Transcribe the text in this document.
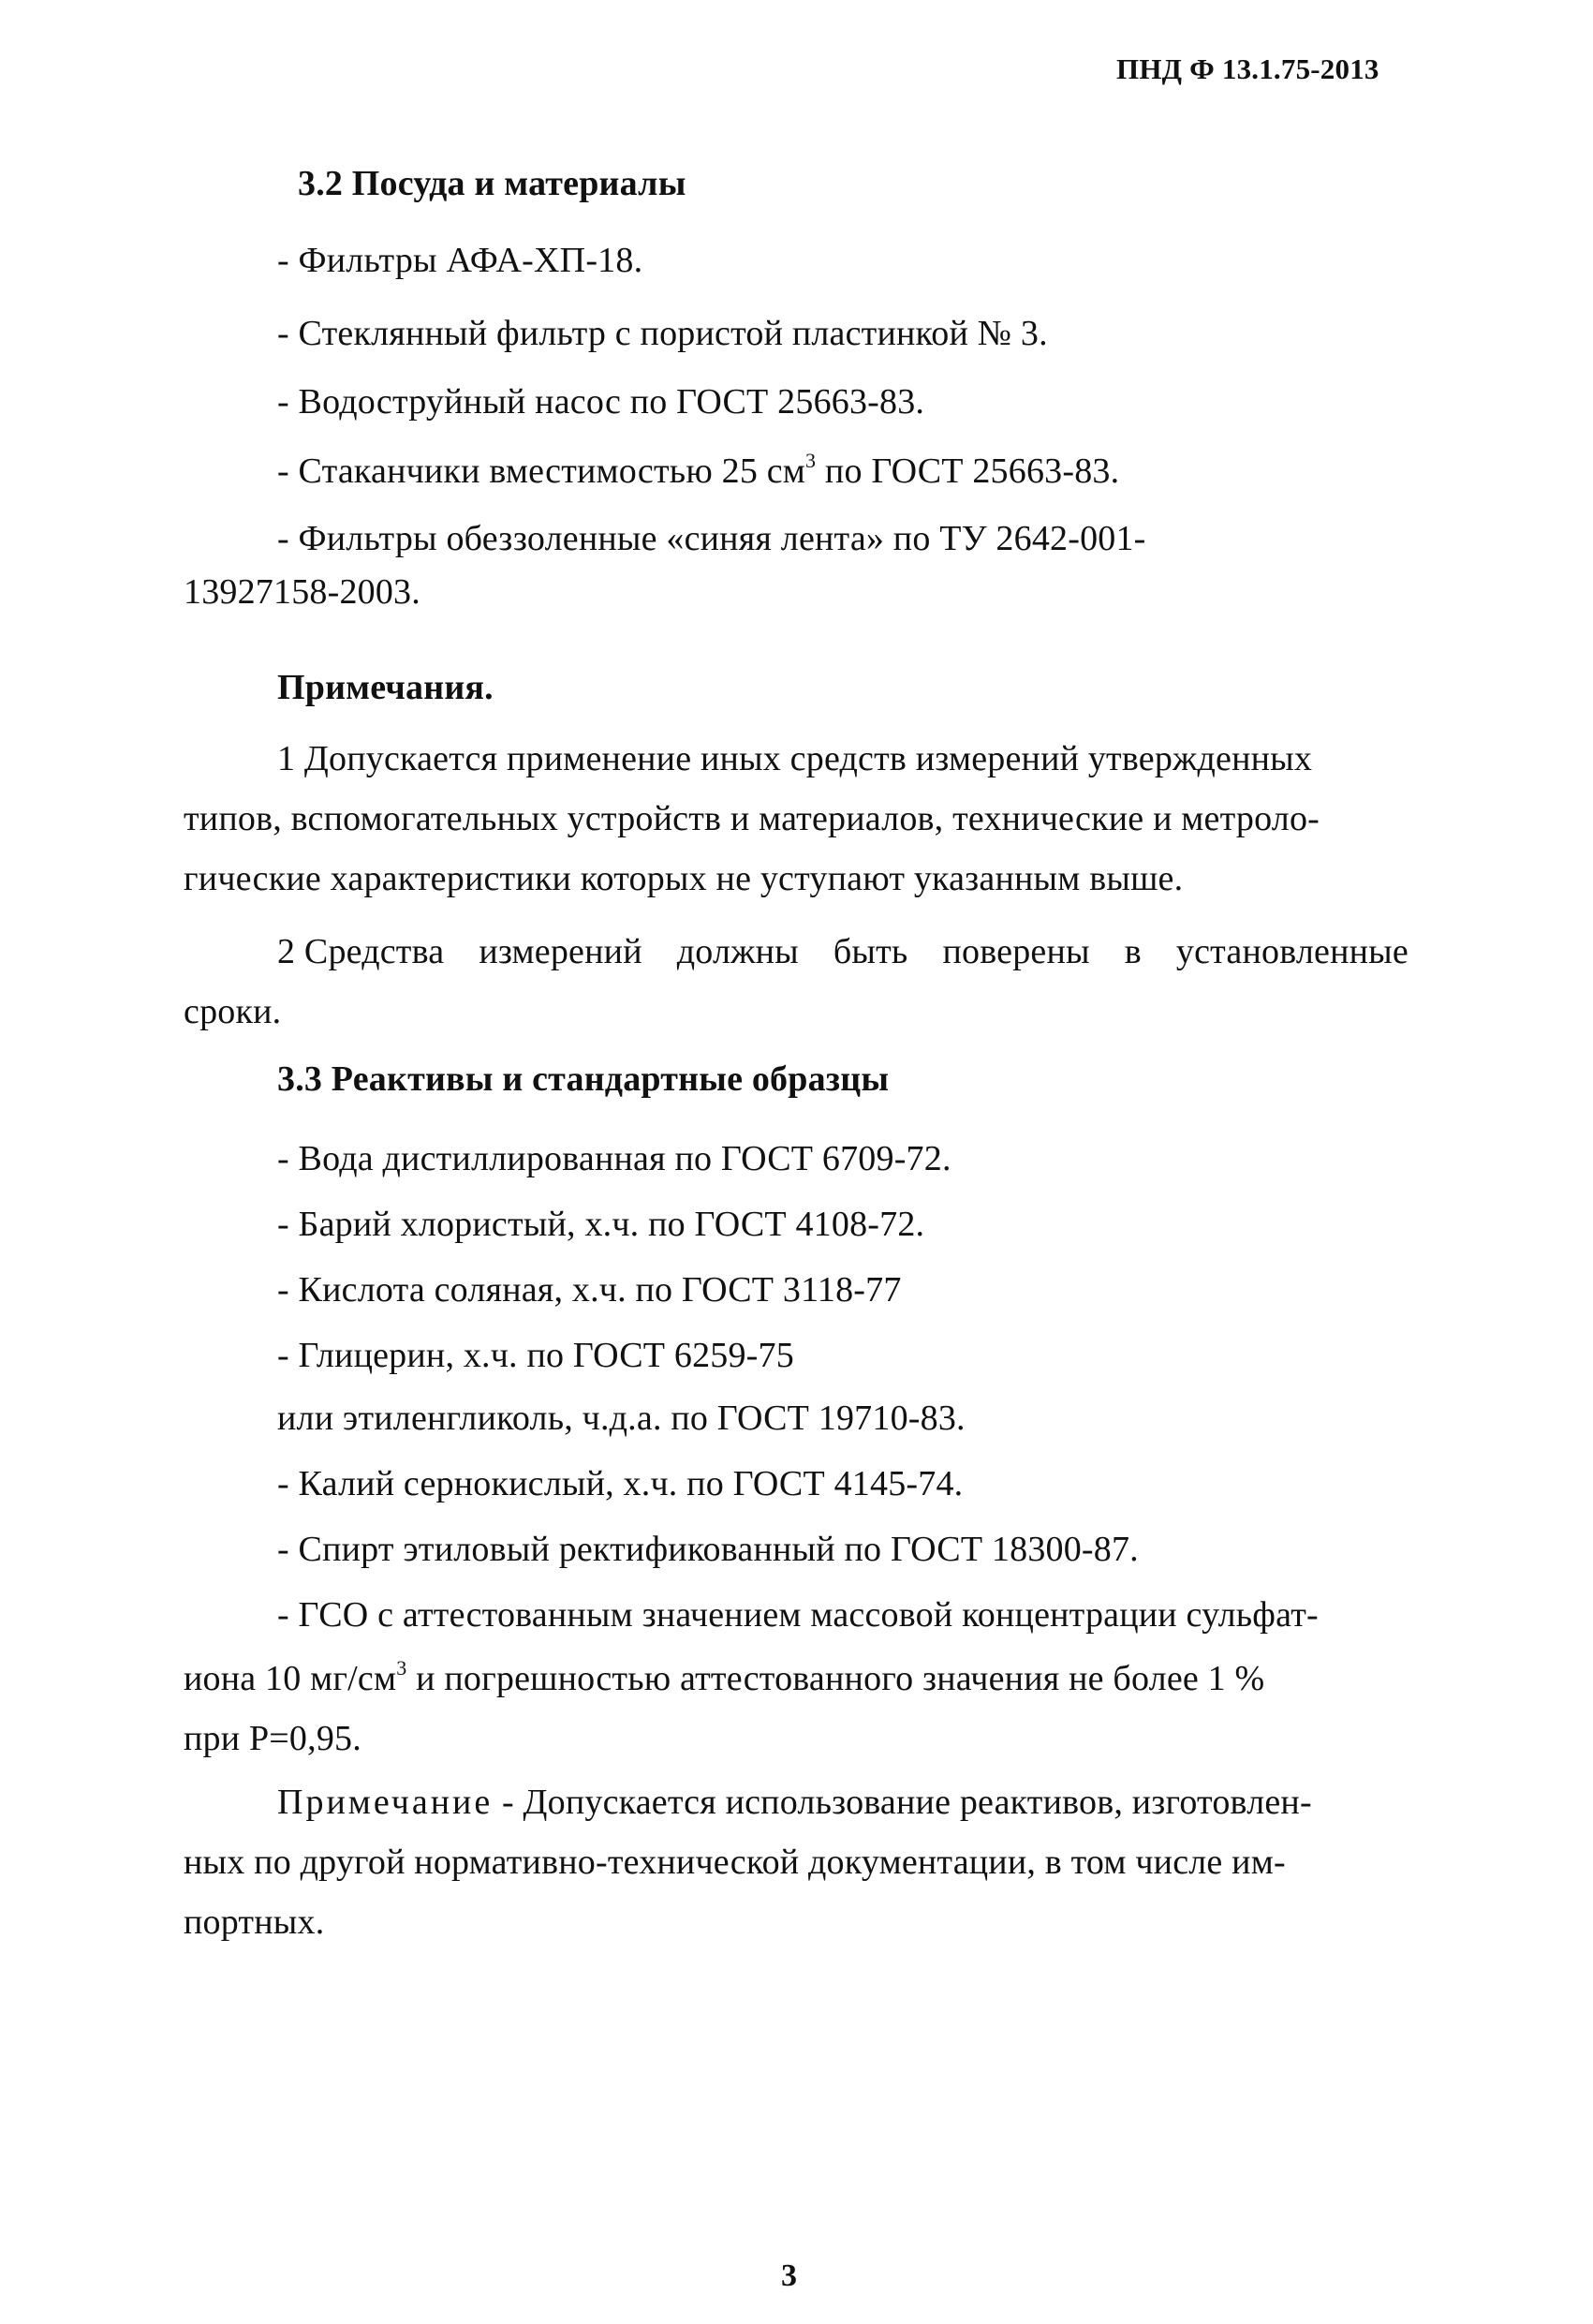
ПНД Ф 13.1.75-2013
3.2 Посуда и материалы
- Фильтры АФА-ХП-18.
- Стеклянный фильтр с пористой пластинкой № 3.
- Водоструйный насос по ГОСТ 25663-83.
- Стаканчики вместимостью 25 $см^3$ по ГОСТ 25663-83.
- Фильтры обеззоленные «синяя лента» по ТУ 2642-001-
13927158-2003.
Примечания.
1 Допускается применение иных средств измерений утвержденных
типов, вспомогательных устройств и материалов, технические и метроло-
гические характеристики которых не уступают указанным выше.
2 Средства измерений должны быть поверены в установленные
сроки.
3.3 Реактивы и стандартные образцы
- Вода дистиллированная по ГОСТ 6709-72.
- Барий хлористый, х.ч. по ГОСТ 4108-72.
- Кислота соляная, х.ч. по ГОСТ 3118-77
- Глицерин, х.ч. по ГОСТ 6259-75
или этиленгликоль, ч.д.а. по ГОСТ 19710-83.
- Калий сернокислый, х.ч. по ГОСТ 4145-74.
- Спирт этиловый ректификованный по ГОСТ 18300-87.
- ГСО с аттестованным значением массовой концентрации сульфат-
иона 10 $мг/см^3$ и погрешностью аттестованного значения не более 1 %
при Р=0,95.
Примечание - Допускается использование реактивов, изготовлен-
ных по другой нормативно-технической документации, в том числе им-
портных.
3
